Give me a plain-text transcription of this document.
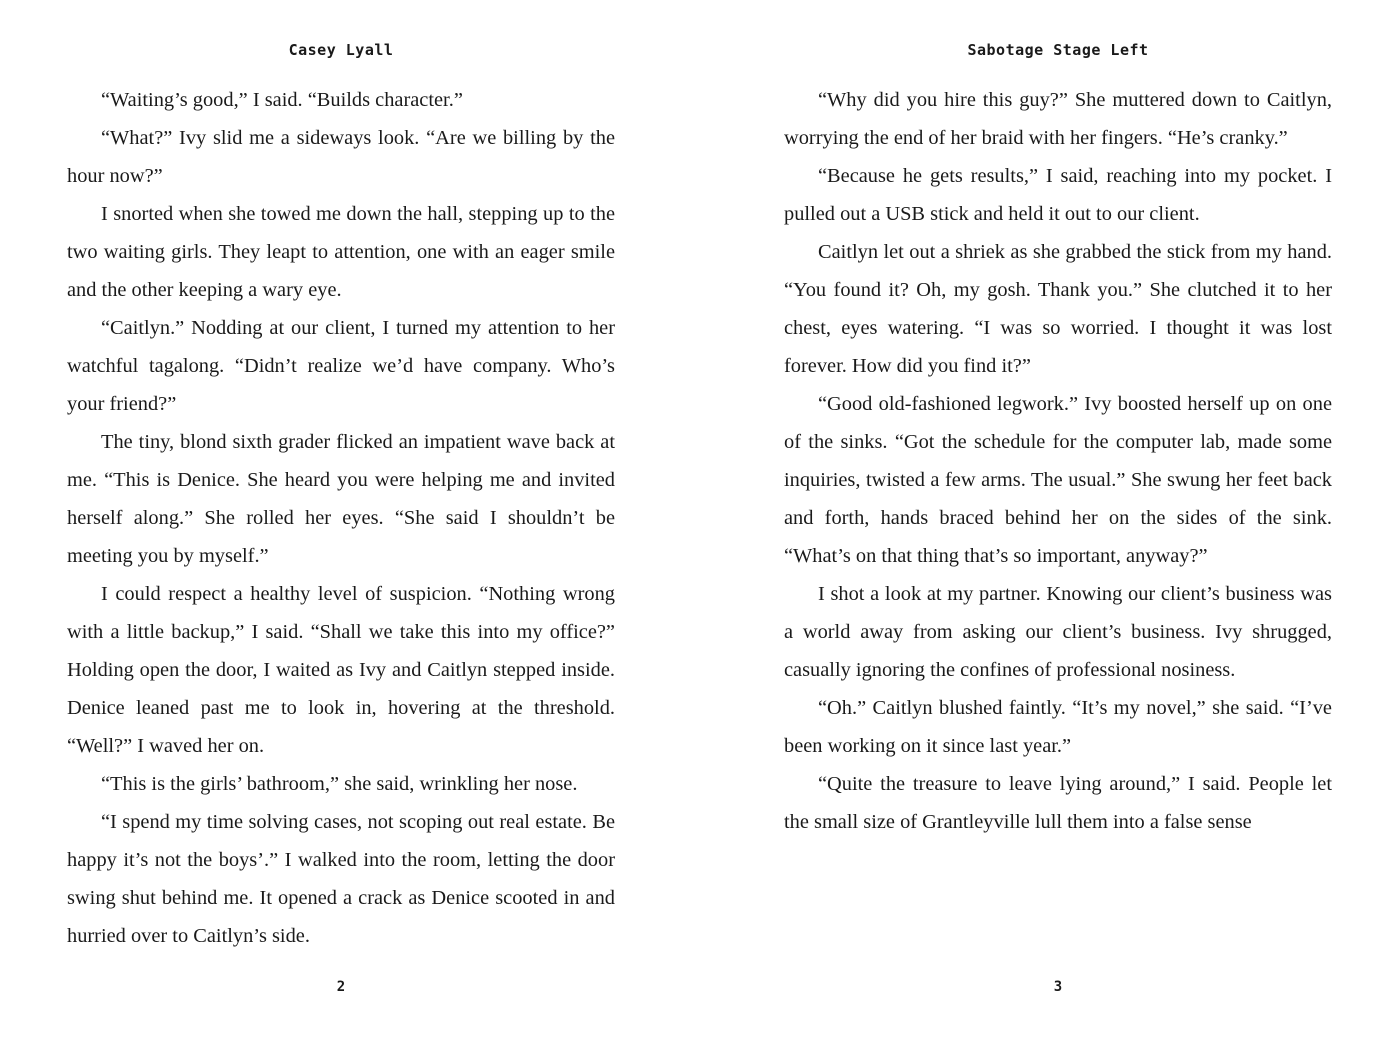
Casey Lyall

“Waiting’s good,” I said. “Builds character.”

“What?” Ivy slid me a sideways look. “Are we billing by the hour now?”

I snorted when she towed me down the hall, stepping up to the two waiting girls. They leapt to attention, one with an eager smile and the other keeping a wary eye.

“Caitlyn.” Nodding at our client, I turned my attention to her watchful tagalong. “Didn’t realize we’d have company. Who’s your friend?”

The tiny, blond sixth grader flicked an impatient wave back at me. “This is Denice. She heard you were helping me and invited herself along.” She rolled her eyes. “She said I shouldn’t be meeting you by myself.”

I could respect a healthy level of suspicion. “Nothing wrong with a little backup,” I said. “Shall we take this into my office?” Holding open the door, I waited as Ivy and Caitlyn stepped inside. Denice leaned past me to look in, hovering at the threshold. “Well?” I waved her on.

“This is the girls’ bathroom,” she said, wrinkling her nose.

“I spend my time solving cases, not scoping out real estate. Be happy it’s not the boys’.” I walked into the room, letting the door swing shut behind me. It opened a crack as Denice scooted in and hurried over to Caitlyn’s side.

2
Sabotage Stage Left

“Why did you hire this guy?” She muttered down to Caitlyn, worrying the end of her braid with her fingers. “He’s cranky.”

“Because he gets results,” I said, reaching into my pocket. I pulled out a USB stick and held it out to our client.

Caitlyn let out a shriek as she grabbed the stick from my hand. “You found it? Oh, my gosh. Thank you.” She clutched it to her chest, eyes watering. “I was so worried. I thought it was lost forever. How did you find it?”

“Good old-fashioned legwork.” Ivy boosted herself up on one of the sinks. “Got the schedule for the computer lab, made some inquiries, twisted a few arms. The usual.” She swung her feet back and forth, hands braced behind her on the sides of the sink. “What’s on that thing that’s so important, anyway?”

I shot a look at my partner. Knowing our client’s business was a world away from asking our client’s business. Ivy shrugged, casually ignoring the confines of professional nosiness.

“Oh.” Caitlyn blushed faintly. “It’s my novel,” she said. “I’ve been working on it since last year.”

“Quite the treasure to leave lying around,” I said. People let the small size of Grantleyville lull them into a false sense

3
